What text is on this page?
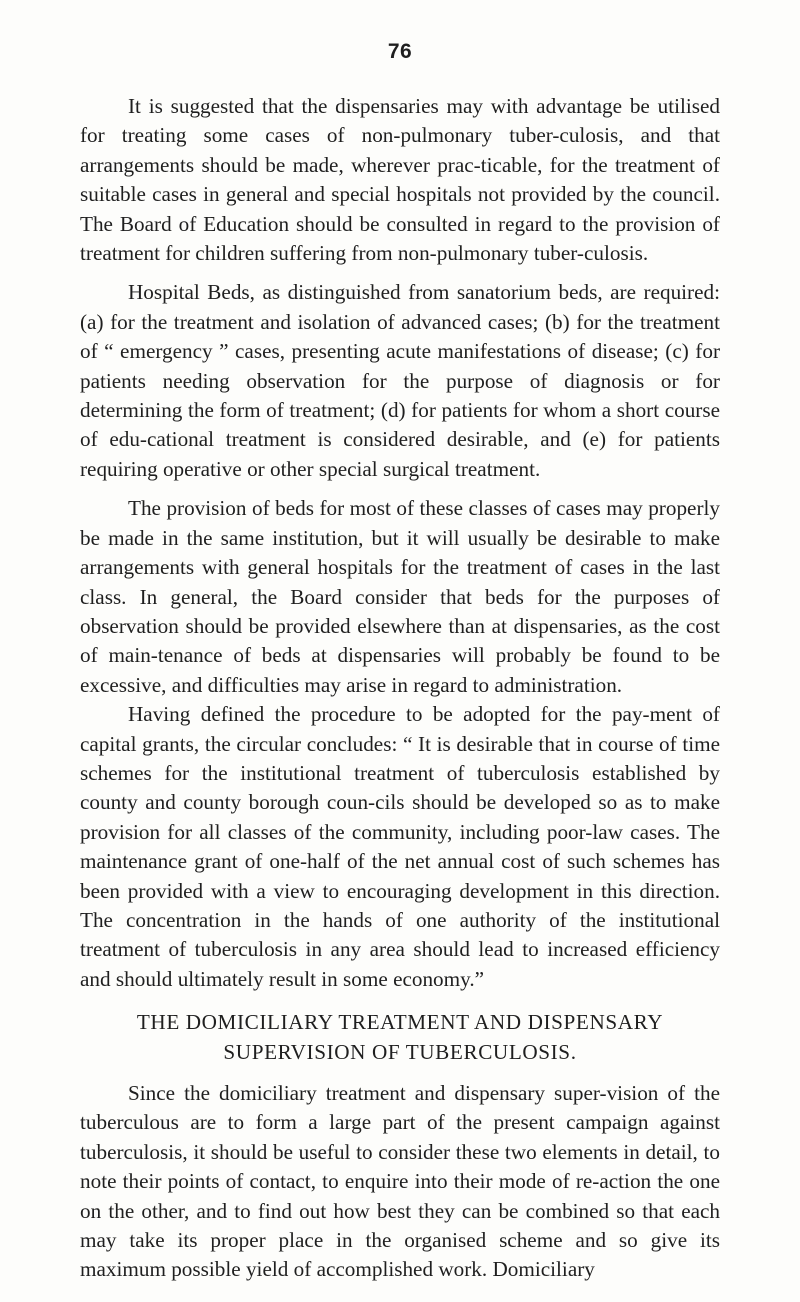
76

It is suggested that the dispensaries may with advantage be utilised for treating some cases of non-pulmonary tuber-culosis, and that arrangements should be made, wherever prac-ticable, for the treatment of suitable cases in general and special hospitals not provided by the council. The Board of Education should be consulted in regard to the provision of treatment for children suffering from non-pulmonary tuber-culosis.

Hospital Beds, as distinguished from sanatorium beds, are required: (a) for the treatment and isolation of advanced cases; (b) for the treatment of “ emergency ” cases, presenting acute manifestations of disease; (c) for patients needing observation for the purpose of diagnosis or for determining the form of treatment; (d) for patients for whom a short course of edu-cational treatment is considered desirable, and (e) for patients requiring operative or other special surgical treatment.

The provision of beds for most of these classes of cases may properly be made in the same institution, but it will usually be desirable to make arrangements with general hospitals for the treatment of cases in the last class. In general, the Board consider that beds for the purposes of observation should be provided elsewhere than at dispensaries, as the cost of main-tenance of beds at dispensaries will probably be found to be excessive, and difficulties may arise in regard to administration.

Having defined the procedure to be adopted for the pay-ment of capital grants, the circular concludes: “ It is desirable that in course of time schemes for the institutional treatment of tuberculosis established by county and county borough coun-cils should be developed so as to make provision for all classes of the community, including poor-law cases. The maintenance grant of one-half of the net annual cost of such schemes has been provided with a view to encouraging development in this direction. The concentration in the hands of one authority of the institutional treatment of tuberculosis in any area should lead to increased efficiency and should ultimately result in some economy.”

THE DOMICILIARY TREATMENT AND DISPENSARY SUPERVISION OF TUBERCULOSIS.

Since the domiciliary treatment and dispensary super-vision of the tuberculous are to form a large part of the present campaign against tuberculosis, it should be useful to consider these two elements in detail, to note their points of contact, to enquire into their mode of re-action the one on the other, and to find out how best they can be combined so that each may take its proper place in the organised scheme and so give its maximum possible yield of accomplished work. Domiciliary
